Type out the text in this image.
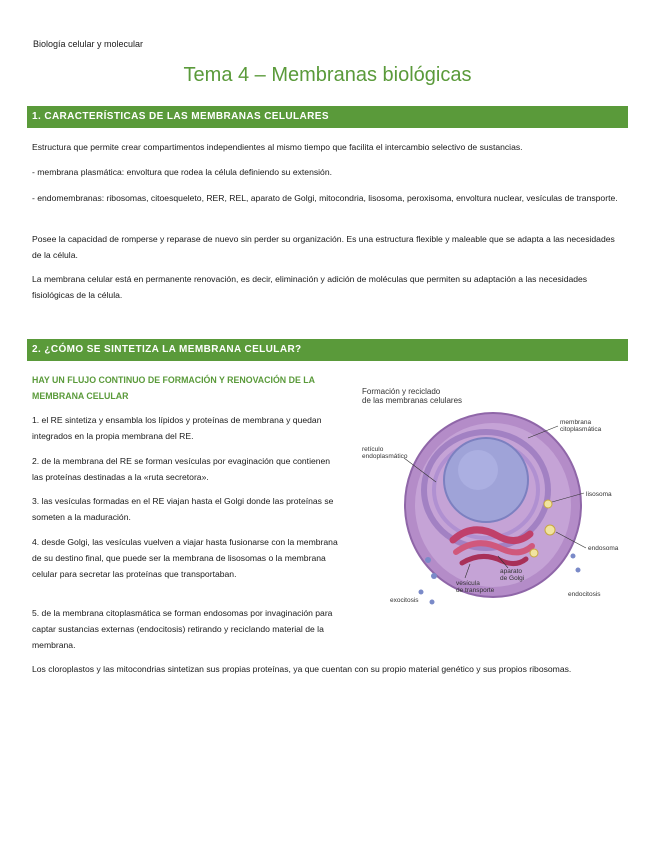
Biología celular y molecular
Tema 4 – Membranas biológicas
1. CARACTERÍSTICAS DE LAS MEMBRANAS CELULARES

Estructura que permite crear compartimentos independientes al mismo tiempo que facilita el intercambio selectivo de sustancias.

- membrana plasmática: envoltura que rodea la célula definiendo su extensión.

- endomembranas: ribosomas, citoesqueleto, RER, REL, aparato de Golgi, mitocondria, lisosoma, peroxisoma, envoltura nuclear, vesículas de transporte.

Posee la capacidad de romperse y reparase de nuevo sin perder su organización. Es una estructura flexible y maleable que se adapta a las necesidades de la célula.

La membrana celular está en permanente renovación, es decir, eliminación y adición de moléculas que permiten su adaptación a las necesidades fisiológicas de la célula.

2. ¿CÓMO SE SINTETIZA LA MEMBRANA CELULAR?

HAY UN FLUJO CONTINUO DE FORMACIÓN Y RENOVACIÓN DE LA MEMBRANA CELULAR

1. el RE sintetiza y ensambla los lípidos y proteínas de membrana y quedan integrados en la propia membrana del RE.

2. de la membrana del RE se forman vesículas por evaginación que contienen las proteínas destinadas a la «ruta secretora».

3. las vesículas formadas en el RE viajan hasta el Golgi donde las proteínas se someten a la maduración.

4. desde Golgi, las vesículas vuelven a viajar hasta fusionarse con la membrana de su destino final, que puede ser la membrana de lisosomas o la membrana celular para secretar las proteínas que transportaban.

5. de la membrana citoplasmática se forman endosomas por invaginación para captar sustancias externas (endocitosis) retirando y reciclando material de la membrana.

Los cloroplastos y las mitocondrias sintetizan sus propias proteínas, ya que cuentan con su propio material genético y sus propios ribosomas.

Formación y reciclado
de las membranas celulares
membrana
citoplasmática
retículo
endoplasmático
lisosoma
endosoma
aparato
de Golgi
vesícula
de transporte
exocitosis
endocitosis
